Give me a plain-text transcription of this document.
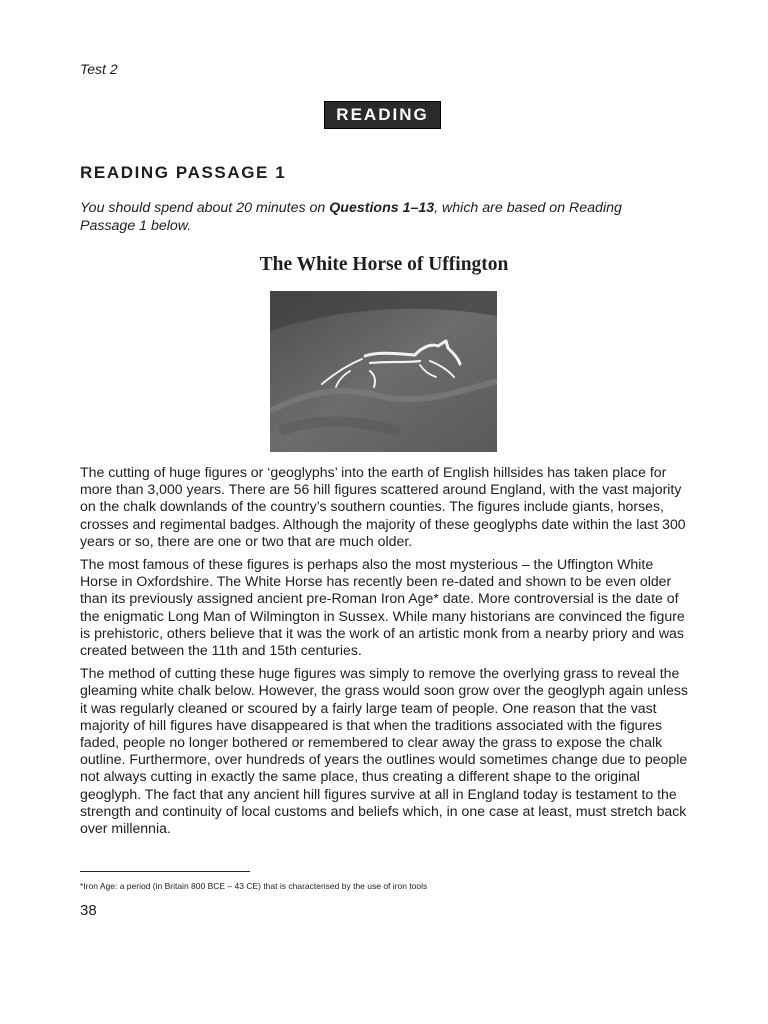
Test 2
READING
READING PASSAGE 1
You should spend about 20 minutes on Questions 1–13, which are based on Reading Passage 1 below.
The White Horse of Uffington

The cutting of huge figures or ‘geoglyphs’ into the earth of English hillsides has taken place for more than 3,000 years. There are 56 hill figures scattered around England, with the vast majority on the chalk downlands of the country’s southern counties. The figures include giants, horses, crosses and regimental badges. Although the majority of these geoglyphs date within the last 300 years or so, there are one or two that are much older.

The most famous of these figures is perhaps also the most mysterious – the Uffington White Horse in Oxfordshire. The White Horse has recently been re-dated and shown to be even older than its previously assigned ancient pre-Roman Iron Age* date. More controversial is the date of the enigmatic Long Man of Wilmington in Sussex. While many historians are convinced the figure is prehistoric, others believe that it was the work of an artistic monk from a nearby priory and was created between the 11th and 15th centuries.

The method of cutting these huge figures was simply to remove the overlying grass to reveal the gleaming white chalk below. However, the grass would soon grow over the geoglyph again unless it was regularly cleaned or scoured by a fairly large team of people. One reason that the vast majority of hill figures have disappeared is that when the traditions associated with the figures faded, people no longer bothered or remembered to clear away the grass to expose the chalk outline. Furthermore, over hundreds of years the outlines would sometimes change due to people not always cutting in exactly the same place, thus creating a different shape to the original geoglyph. The fact that any ancient hill figures survive at all in England today is testament to the strength and continuity of local customs and beliefs which, in one case at least, must stretch back over millennia.

*Iron Age: a period (in Britain 800 BCE – 43 CE) that is characterised by the use of iron tools
38
